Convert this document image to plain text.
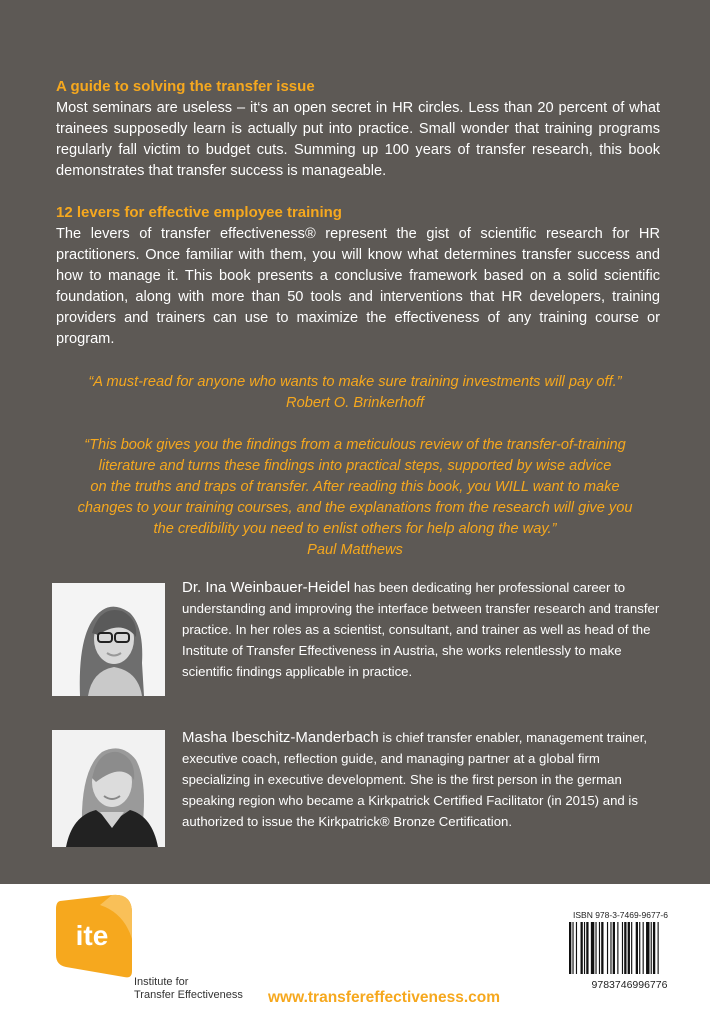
A guide to solving the transfer issue

Most seminars are useless – it‘s an open secret in HR circles. Less than 20 percent of what trainees supposedly learn is actually put into practice. Small wonder that training programs regularly fall victim to budget cuts. Summing up 100 years of transfer research, this book demonstrates that transfer success is manageable.

12 levers for effective employee training

The levers of transfer effectiveness® represent the gist of scientific research for HR practitioners. Once familiar with them, you will know what determines transfer success and how to manage it. This book presents a conclusive framework based on a solid scientific foundation, along with more than 50 tools and interventions that HR developers, training providers and trainers can use to maximize the effectiveness of any training course or program.

“A must-read for anyone who wants to make sure training investments will pay off.”
Robert O. Brinkerhoff
“This book gives you the findings from a meticulous review of the transfer-of-training
literature and turns these findings into practical steps, supported by wise advice
on the truths and traps of transfer. After reading this book, you WILL want to make
changes to your training courses, and the explanations from the research will give you
the credibility you need to enlist others for help along the way.”
Paul Matthews

Dr. Ina Weinbauer-Heidel has been dedicating her professional career to understanding and improving the interface between transfer research and transfer practice. In her roles as a scientist, consultant, and trainer as well as head of the Institute of Transfer Effectiveness in Austria, she works relentlessly to make scientific findings applicable in practice.

Masha Ibeschitz-Manderbach is chief transfer enabler, management trainer, executive coach, reflection guide, and managing partner at a global firm specializing in executive development. She is the first person in the german speaking region who became a Kirkpatrick Certified Facilitator (in 2015) and is authorized to issue the Kirkpatrick® Bronze Certification.

ite

Institute for
Transfer Effectiveness www.transfereffectiveness.com

ISBN 978-3-7469-9677-6

9783746996776
